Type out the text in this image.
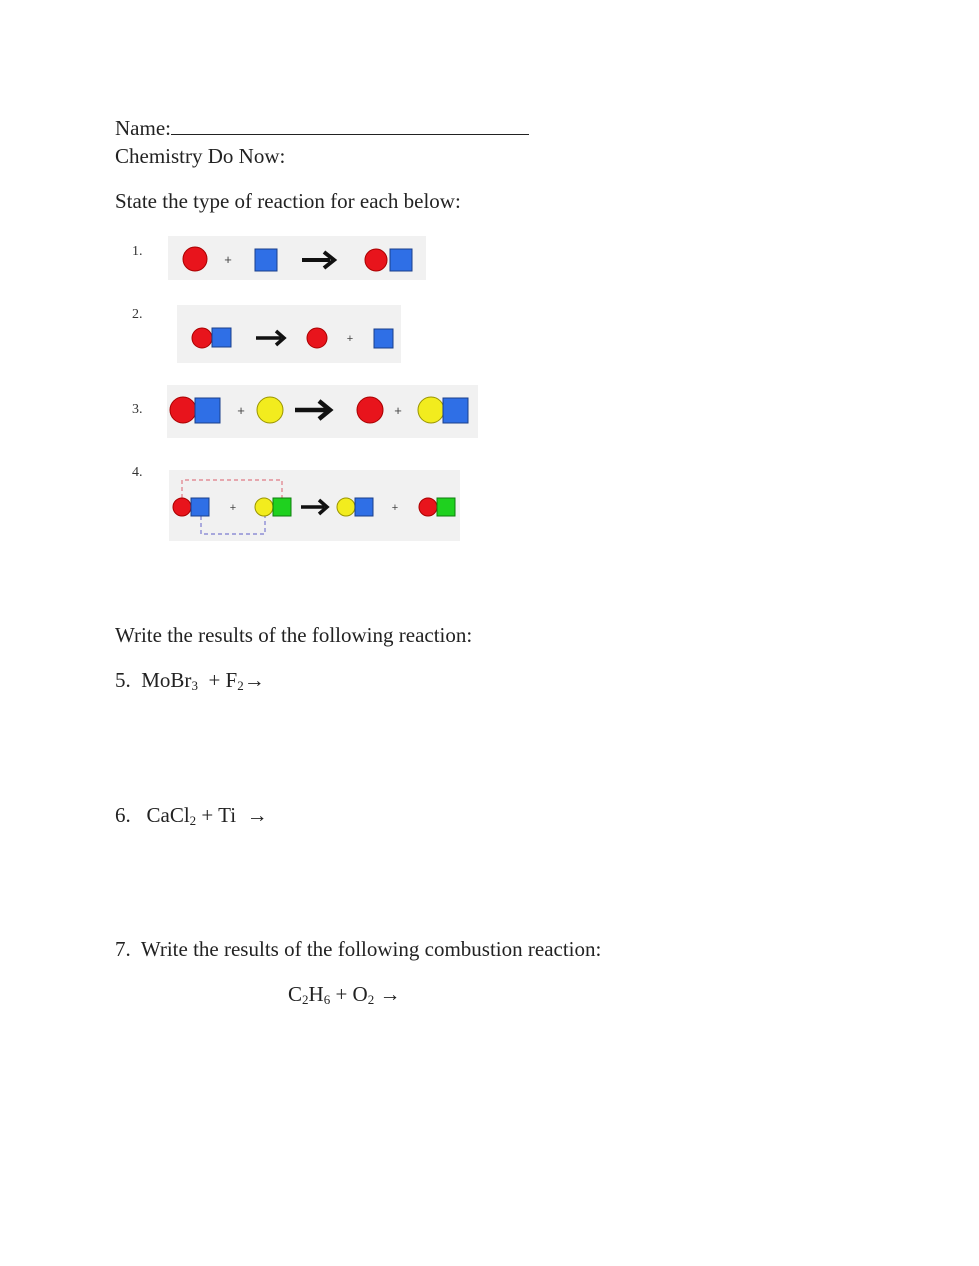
Name:
Chemistry Do Now:
State the type of reaction for each below:
1.
+
2.
+
3.	+	+
4.
+	+
Write the results of the following reaction:
5. MoBr$_3$ + $F_2\to$
6. CaCl$_2$ + Ti →
7. Write the results of the following combustion reaction:
$C_2H_6 + O_2$ →
